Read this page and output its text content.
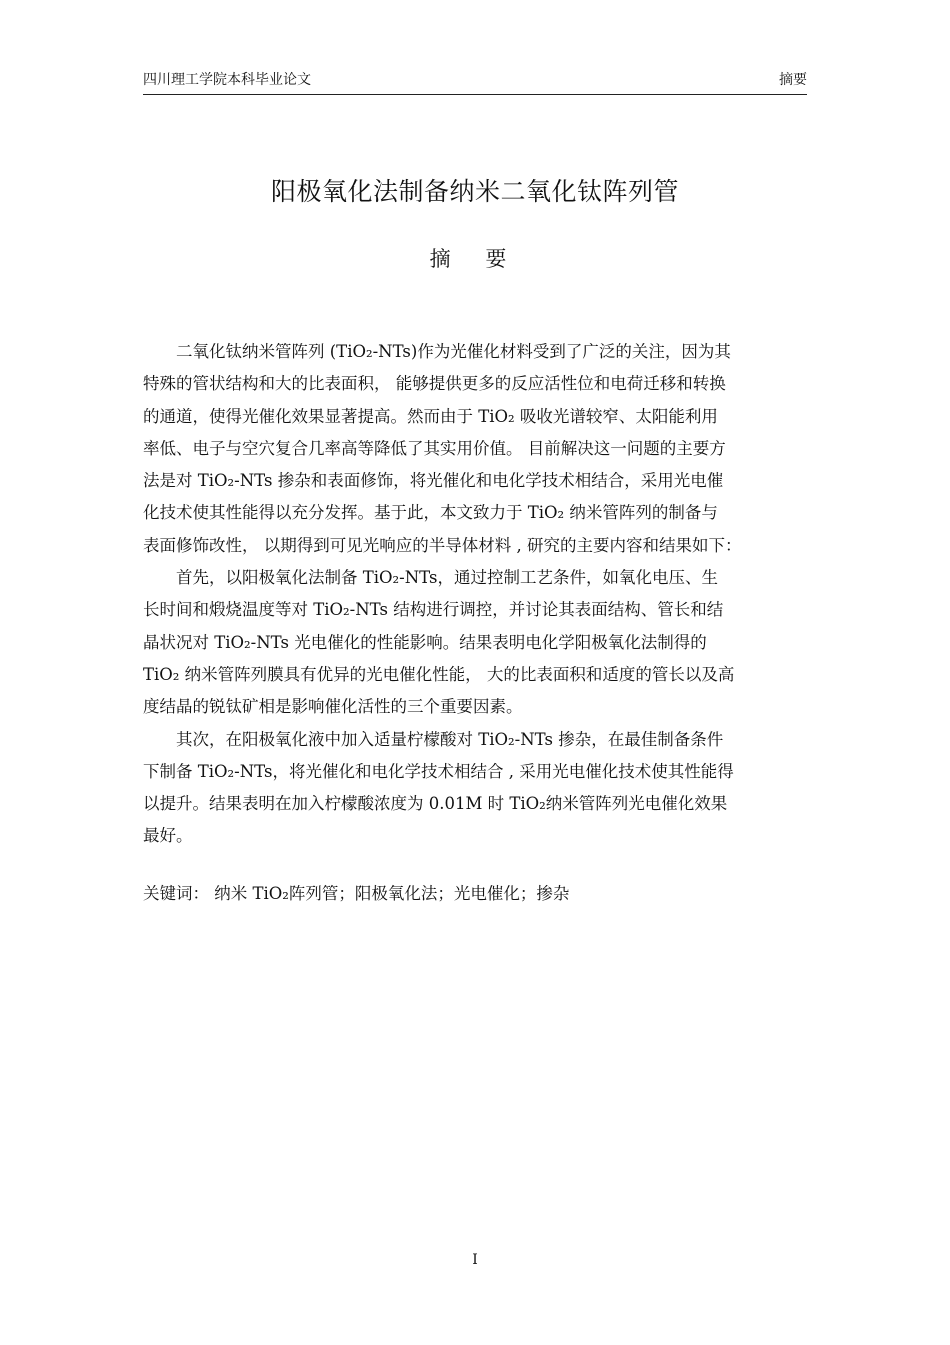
四川理工学院本科毕业论文	摘要
阳极氧化法制备纳米二氧化钛阵列管
摘 要
　　二氧化钛纳米管阵列 (TiO₂-NTs)作为光催化材料受到了广泛的关注，因为其
特殊的管状结构和大的比表面积， 能够提供更多的反应活性位和电荷迁移和转换
的通道，使得光催化效果显著提高。然而由于 TiO₂ 吸收光谱较窄、太阳能利用
率低、电子与空穴复合几率高等降低了其实用价值。 目前解决这一问题的主要方
法是对 TiO₂-NTs 掺杂和表面修饰，将光催化和电化学技术相结合，采用光电催
化技术使其性能得以充分发挥。基于此，本文致力于 TiO₂ 纳米管阵列的制备与
表面修饰改性， 以期得到可见光响应的半导体材料 , 研究的主要内容和结果如下：
　　首先，以阳极氧化法制备 TiO₂-NTs，通过控制工艺条件，如氧化电压、生
长时间和煅烧温度等对 TiO₂-NTs 结构进行调控，并讨论其表面结构、管长和结
晶状况对 TiO₂-NTs 光电催化的性能影响。结果表明电化学阳极氧化法制得的
TiO₂ 纳米管阵列膜具有优异的光电催化性能， 大的比表面积和适度的管长以及高
度结晶的锐钛矿相是影响催化活性的三个重要因素。
　　其次，在阳极氧化液中加入适量柠檬酸对 TiO₂-NTs 掺杂，在最佳制备条件
下制备 TiO₂-NTs，将光催化和电化学技术相结合 , 采用光电催化技术使其性能得
以提升。结果表明在加入柠檬酸浓度为 0.01M 时 TiO₂纳米管阵列光电催化效果
最好。
关键词： 纳米 TiO₂阵列管；阳极氧化法；光电催化；掺杂
I
